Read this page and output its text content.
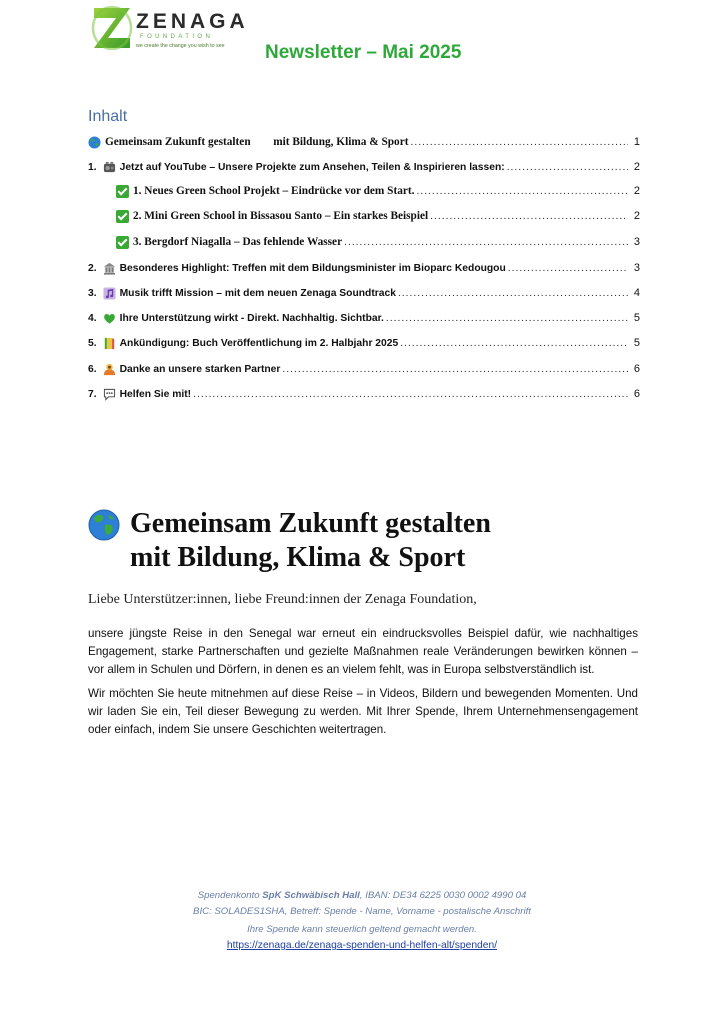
ZENAGA
FOUNDATION
we create the change you wish to see Newsletter – Mai 2025
Inhalt
Gemeinsam Zukunft gestalten        mit Bildung, Klima & Sport .....	1
1. Jetzt auf YouTube – Unsere Projekte zum Ansehen, Teilen & Inspirieren lassen: .....	2
1. Neues Green School Projekt – Eindrücke vor dem Start. .....	2
2. Mini Green School in Bissasou Santo – Ein starkes Beispiel .....	2
3. Bergdorf Niagalla – Das fehlende Wasser .....	3
2. Besonderes Highlight: Treffen mit dem Bildungsminister im Bioparc Kedougou .....	3
3. Musik trifft Mission – mit dem neuen Zenaga Soundtrack .....	4
4. Ihre Unterstützung wirkt - Direkt. Nachhaltig. Sichtbar. .....	5
5. Ankündigung: Buch Veröffentlichung im 2. Halbjahr 2025 .....	5
6. Danke an unsere starken Partner .....	6
7. Helfen Sie mit! .....	6
Gemeinsam Zukunft gestalten
mit Bildung, Klima & Sport
Liebe Unterstützer:innen, liebe Freund:innen der Zenaga Foundation,
unsere jüngste Reise in den Senegal war erneut ein eindrucksvolles Beispiel dafür, wie nachhaltiges Engagement, starke Partnerschaften und gezielte Maßnahmen reale Veränderungen bewirken können – vor allem in Schulen und Dörfern, in denen es an vielem fehlt, was in Europa selbstverständlich ist.
Wir möchten Sie heute mitnehmen auf diese Reise – in Videos, Bildern und bewegenden Momenten. Und wir laden Sie ein, Teil dieser Bewegung zu werden. Mit Ihrer Spende, Ihrem Unternehmensengagement oder einfach, indem Sie unsere Geschichten weitertragen.
Spendenkonto SpK Schwäbisch Hall, IBAN: DE34 6225 0030 0002 4990 04
BIC: SOLADES1SHA, Betreff: Spende - Name, Vorname - postalische Anschrift
Ihre Spende kann steuerlich geltend gemacht werden.
https://zenaga.de/zenaga-spenden-und-helfen-alt/spenden/
